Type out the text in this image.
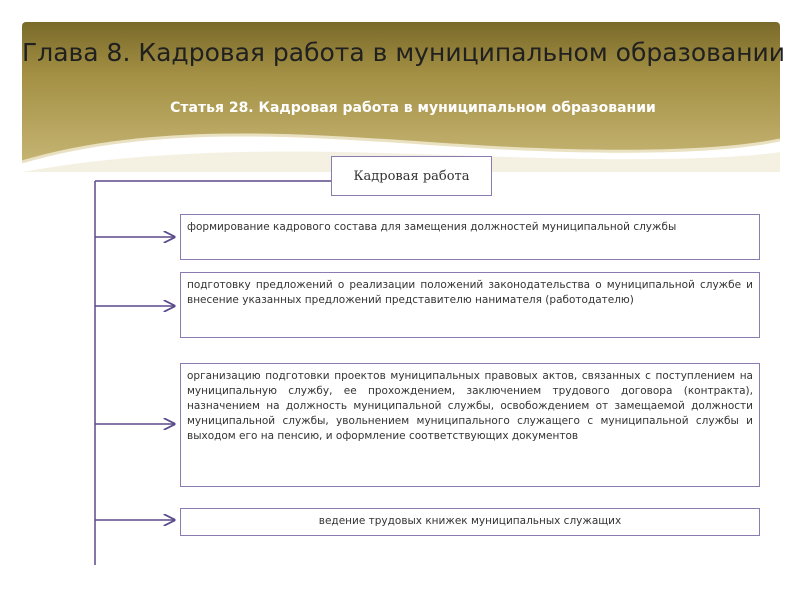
Глава 8. Кадровая работа в муниципальном образовании
Статья 28. Кадровая работа в муниципальном образовании
Кадровая работа
формирование кадрового состава для замещения должностей муниципальной службы
подготовку предложений о реализации положений законодательства о муниципальной службе и внесение указанных предложений представителю нанимателя (работодателю)
организацию подготовки проектов муниципальных правовых актов, связанных с поступлением на муниципальную службу, ее прохождением, заключением трудового договора (контракта), назначением на должность муниципальной службы, освобождением от замещаемой должности муниципальной службы, увольнением муниципального служащего с муниципальной службы и выходом его на пенсию, и оформление соответствующих документов
ведение трудовых книжек муниципальных служащих
